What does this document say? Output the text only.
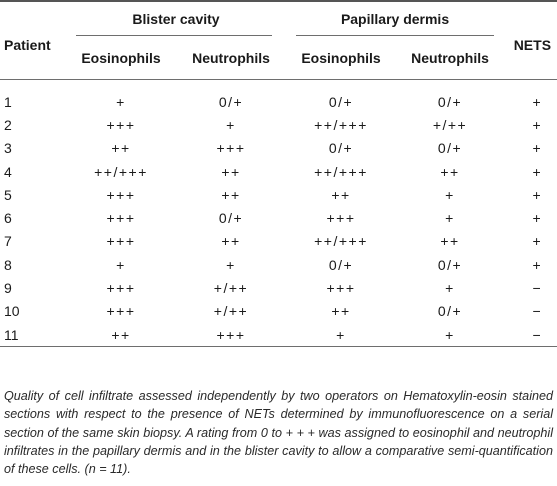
Patient	Blister cavity		Papillary dermis		NETS
	Eosinophils	Neutrophils	Eosinophils	Neutrophils	

1	+	0/+	0/+	0/+	+
2	+++	+	++/+++	+/++	+
3	++	+++	0/+	0/+	+
4	++/+++	++	++/+++	++	+
5	+++	++	++	+	+
6	+++	0/+	+++	+	+
7	+++	++	++/+++	++	+
8	+	+	0/+	0/+	+
9	+++	+/++	+++	+	−
10	+++	+/++	++	0/+	−
11	++	+++	+	+	−
Quality of cell infiltrate assessed independently by two operators on Hematoxylin-eosin stained sections with respect to the presence of NETs determined by immunofluorescence on a serial section of the same skin biopsy. A rating from 0 to + + + was assigned to eosinophil and neutrophil infiltrates in the papillary dermis and in the blister cavity to allow a comparative semi-quantification of these cells. (n = 11).
